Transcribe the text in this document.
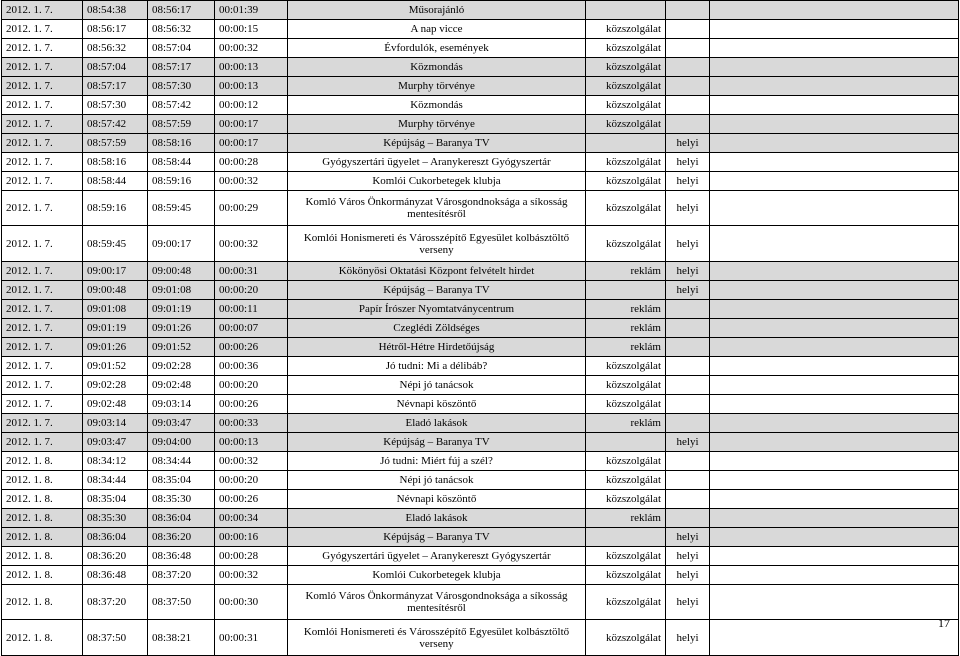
2012. 1. 7.	08:54:38	08:56:17	00:01:39	Műsorajánló			
2012. 1. 7.	08:56:17	08:56:32	00:00:15	A nap vicce	közszolgálat		
2012. 1. 7.	08:56:32	08:57:04	00:00:32	Évfordulók, események	közszolgálat		
2012. 1. 7.	08:57:04	08:57:17	00:00:13	Közmondás	közszolgálat		
2012. 1. 7.	08:57:17	08:57:30	00:00:13	Murphy törvénye	közszolgálat		
2012. 1. 7.	08:57:30	08:57:42	00:00:12	Közmondás	közszolgálat		
2012. 1. 7.	08:57:42	08:57:59	00:00:17	Murphy törvénye	közszolgálat		
2012. 1. 7.	08:57:59	08:58:16	00:00:17	Képújság – Baranya TV		helyi	
2012. 1. 7.	08:58:16	08:58:44	00:00:28	Gyógyszertári ügyelet – Aranykereszt Gyógyszertár	közszolgálat	helyi	
2012. 1. 7.	08:58:44	08:59:16	00:00:32	Komlói Cukorbetegek klubja	közszolgálat	helyi	
2012. 1. 7.	08:59:16	08:59:45	00:00:29	Komló Város Önkormányzat Városgondnoksága a síkosság mentesítésről	közszolgálat	helyi	
2012. 1. 7.	08:59:45	09:00:17	00:00:32	Komlói Honismereti és Városszépítő Egyesület kolbásztöltő verseny	közszolgálat	helyi	
2012. 1. 7.	09:00:17	09:00:48	00:00:31	Kökönyösi Oktatási Központ felvételt hirdet	reklám	helyi	
2012. 1. 7.	09:00:48	09:01:08	00:00:20	Képújság – Baranya TV		helyi	
2012. 1. 7.	09:01:08	09:01:19	00:00:11	Papír Írószer Nyomtatványcentrum	reklám		
2012. 1. 7.	09:01:19	09:01:26	00:00:07	Czeglédi Zöldséges	reklám		
2012. 1. 7.	09:01:26	09:01:52	00:00:26	Hétről-Hétre Hirdetőújság	reklám		
2012. 1. 7.	09:01:52	09:02:28	00:00:36	Jó tudni: Mi a délibáb?	közszolgálat		
2012. 1. 7.	09:02:28	09:02:48	00:00:20	Népi jó tanácsok	közszolgálat		
2012. 1. 7.	09:02:48	09:03:14	00:00:26	Névnapi köszöntő	közszolgálat		
2012. 1. 7.	09:03:14	09:03:47	00:00:33	Eladó lakások	reklám		
2012. 1. 7.	09:03:47	09:04:00	00:00:13	Képújság – Baranya TV		helyi	
2012. 1. 8.	08:34:12	08:34:44	00:00:32	Jó tudni: Miért fúj a szél?	közszolgálat		
2012. 1. 8.	08:34:44	08:35:04	00:00:20	Népi jó tanácsok	közszolgálat		
2012. 1. 8.	08:35:04	08:35:30	00:00:26	Névnapi köszöntő	közszolgálat		
2012. 1. 8.	08:35:30	08:36:04	00:00:34	Eladó lakások	reklám		
2012. 1. 8.	08:36:04	08:36:20	00:00:16	Képújság – Baranya TV		helyi	
2012. 1. 8.	08:36:20	08:36:48	00:00:28	Gyógyszertári ügyelet – Aranykereszt Gyógyszertár	közszolgálat	helyi	
2012. 1. 8.	08:36:48	08:37:20	00:00:32	Komlói Cukorbetegek klubja	közszolgálat	helyi	
2012. 1. 8.	08:37:20	08:37:50	00:00:30	Komló Város Önkormányzat Városgondnoksága a síkosság mentesítésről	közszolgálat	helyi	
2012. 1. 8.	08:37:50	08:38:21	00:00:31	Komlói Honismereti és Városszépítő Egyesület kolbásztöltő verseny	közszolgálat	helyi	
17
